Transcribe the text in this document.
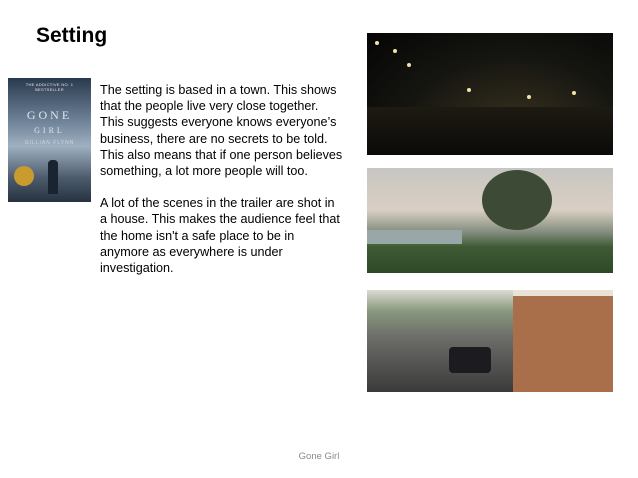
Setting
THE ADDICTIVE NO. 1 BESTSELLER
GONE
GIRL
GILLIAN FLYNN

The setting is based in a town. This shows that the people live very close together. This suggests everyone knows everyone’s business, there are no secrets to be told. This also means that if one person believes something, a lot more people will too.

A lot of the scenes in the trailer are shot in a house. This makes the audience feel that the home isn't a safe place to be in anymore as everywhere is under investigation.

Gone Girl
